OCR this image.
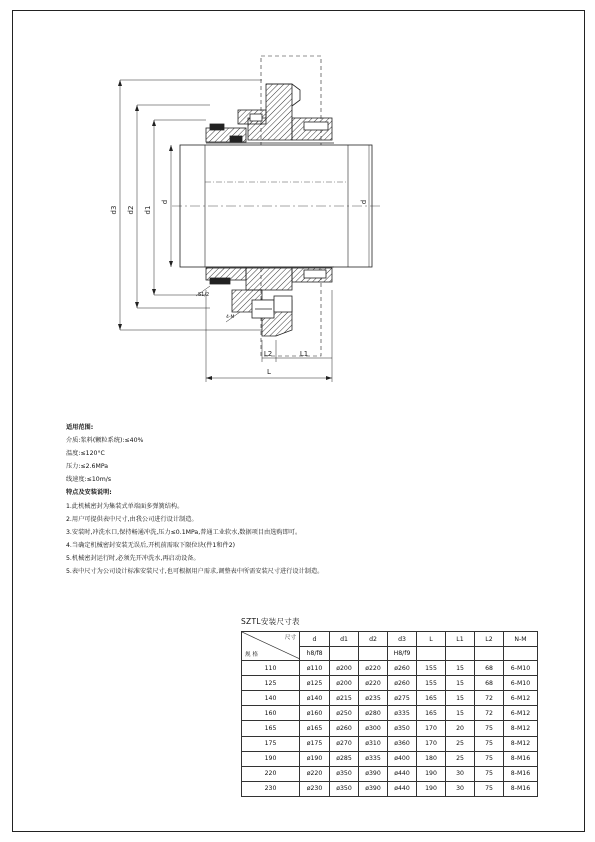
d3 d2 d1
d	d
L
L2	L1
S1/2
4-M
适用范围:
介质:浆料(颗粒系统):≤40%
温度:≤120°C
压力:≤2.6MPa
线速度:≤10m/s
特点及安装说明:
1.此机械密封为集装式单端面多弹簧结构。
2.用户可提供表中尺寸,由我公司进行设计制造。
3.安装时,冲洗水口,保持畅通冲洗,压力≤0.1MPa,普通工业软水,数据项目由选购即可。
4.当确定机械密封安装无误后,开机前需取下限位块(件1和件2)
5.机械密封运行时,必须先开冲洗水,再启动设备。
5.表中尺寸为公司设计标准安装尺寸,也可根据用户需求,调整表中所需安装尺寸进行设计制造。
SZTL安装尺寸表
尺寸
规 格	d	d1	d2	d3	L	L1	L2	N-M
	h8/f8			H8/f9				
110	ø110	ø200	ø220	ø260	155	15	68	6-M10
125	ø125	ø200	ø220	ø260	155	15	68	6-M10
140	ø140	ø215	ø235	ø275	165	15	72	6-M12
160	ø160	ø250	ø280	ø335	165	15	72	6-M12
165	ø165	ø260	ø300	ø350	170	20	75	8-M12
175	ø175	ø270	ø310	ø360	170	25	75	8-M12
190	ø190	ø285	ø335	ø400	180	25	75	8-M16
220	ø220	ø350	ø390	ø440	190	30	75	8-M16
230	ø230	ø350	ø390	ø440	190	30	75	8-M16
